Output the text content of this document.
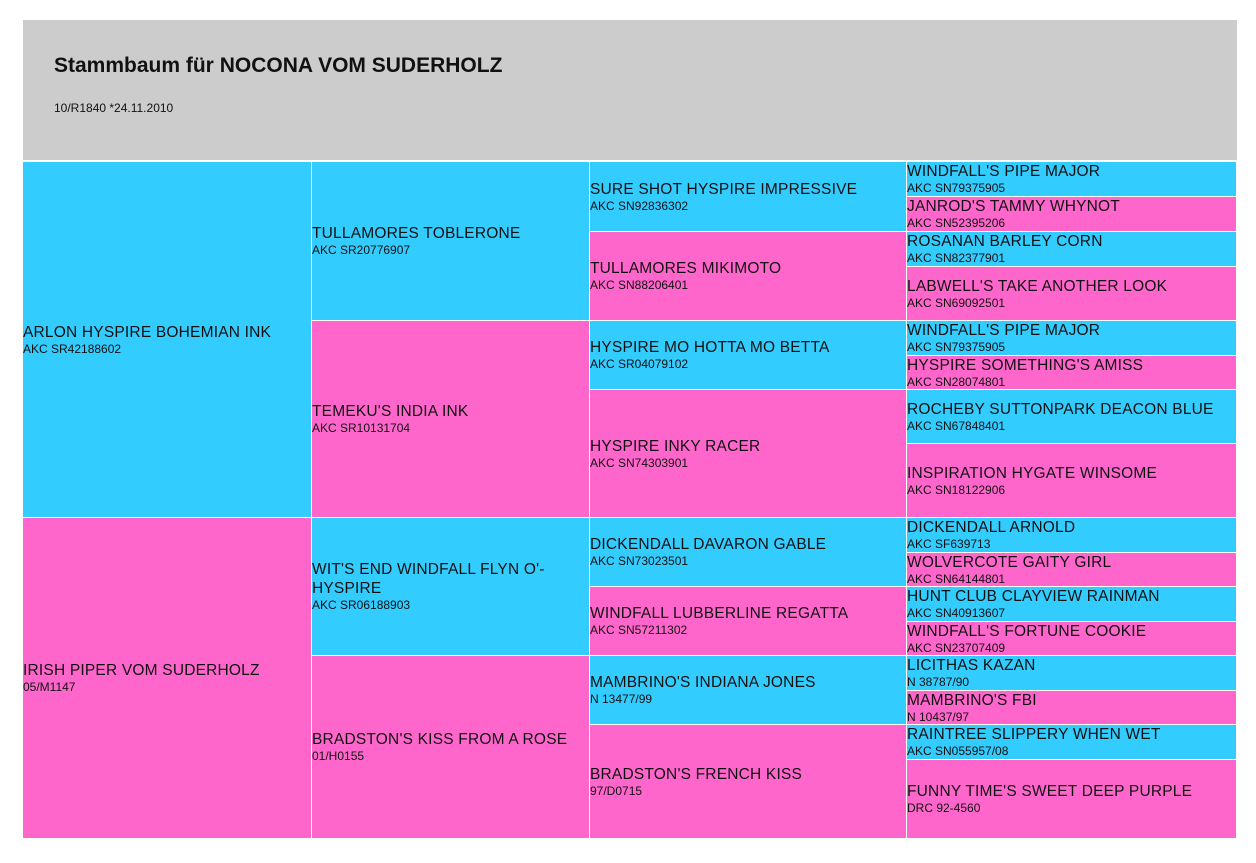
Stammbaum für NOCONA VOM SUDERHOLZ
10/R1840 *24.11.2010
ARLON HYSPIRE BOHEMIAN INK
AKC SR42188602
IRISH PIPER VOM SUDERHOLZ
05/M1147
TULLAMORES TOBLERONE
AKC SR20776907
TEMEKU'S INDIA INK
AKC SR10131704
WIT'S END WINDFALL FLYN O'-HYSPIRE
AKC SR06188903
BRADSTON'S KISS FROM A ROSE
01/H0155
SURE SHOT HYSPIRE IMPRESSIVE
AKC SN92836302
TULLAMORES MIKIMOTO
AKC SN88206401
HYSPIRE MO HOTTA MO BETTA
AKC SR04079102
HYSPIRE INKY RACER
AKC SN74303901
DICKENDALL DAVARON GABLE
AKC SN73023501
WINDFALL LUBBERLINE REGATTA
AKC SN57211302
MAMBRINO'S INDIANA JONES
N 13477/99
BRADSTON'S FRENCH KISS
97/D0715
WINDFALL'S PIPE MAJOR
AKC SN79375905
JANROD'S TAMMY WHYNOT
AKC SN52395206
ROSANAN BARLEY CORN
AKC SN82377901
LABWELL'S TAKE ANOTHER LOOK
AKC SN69092501
WINDFALL'S PIPE MAJOR
AKC SN79375905
HYSPIRE SOMETHING'S AMISS
AKC SN28074801
ROCHEBY SUTTONPARK DEACON BLUE
AKC SN67848401
INSPIRATION HYGATE WINSOME
AKC SN18122906
DICKENDALL ARNOLD
AKC SF639713
WOLVERCOTE GAITY GIRL
AKC SN64144801
HUNT CLUB CLAYVIEW RAINMAN
AKC SN40913607
WINDFALL'S FORTUNE COOKIE
AKC SN23707409
LICITHAS KAZAN
N 38787/90
MAMBRINO'S FBI
N 10437/97
RAINTREE SLIPPERY WHEN WET
AKC SN055957/08
FUNNY TIME'S SWEET DEEP PURPLE
DRC 92-4560
